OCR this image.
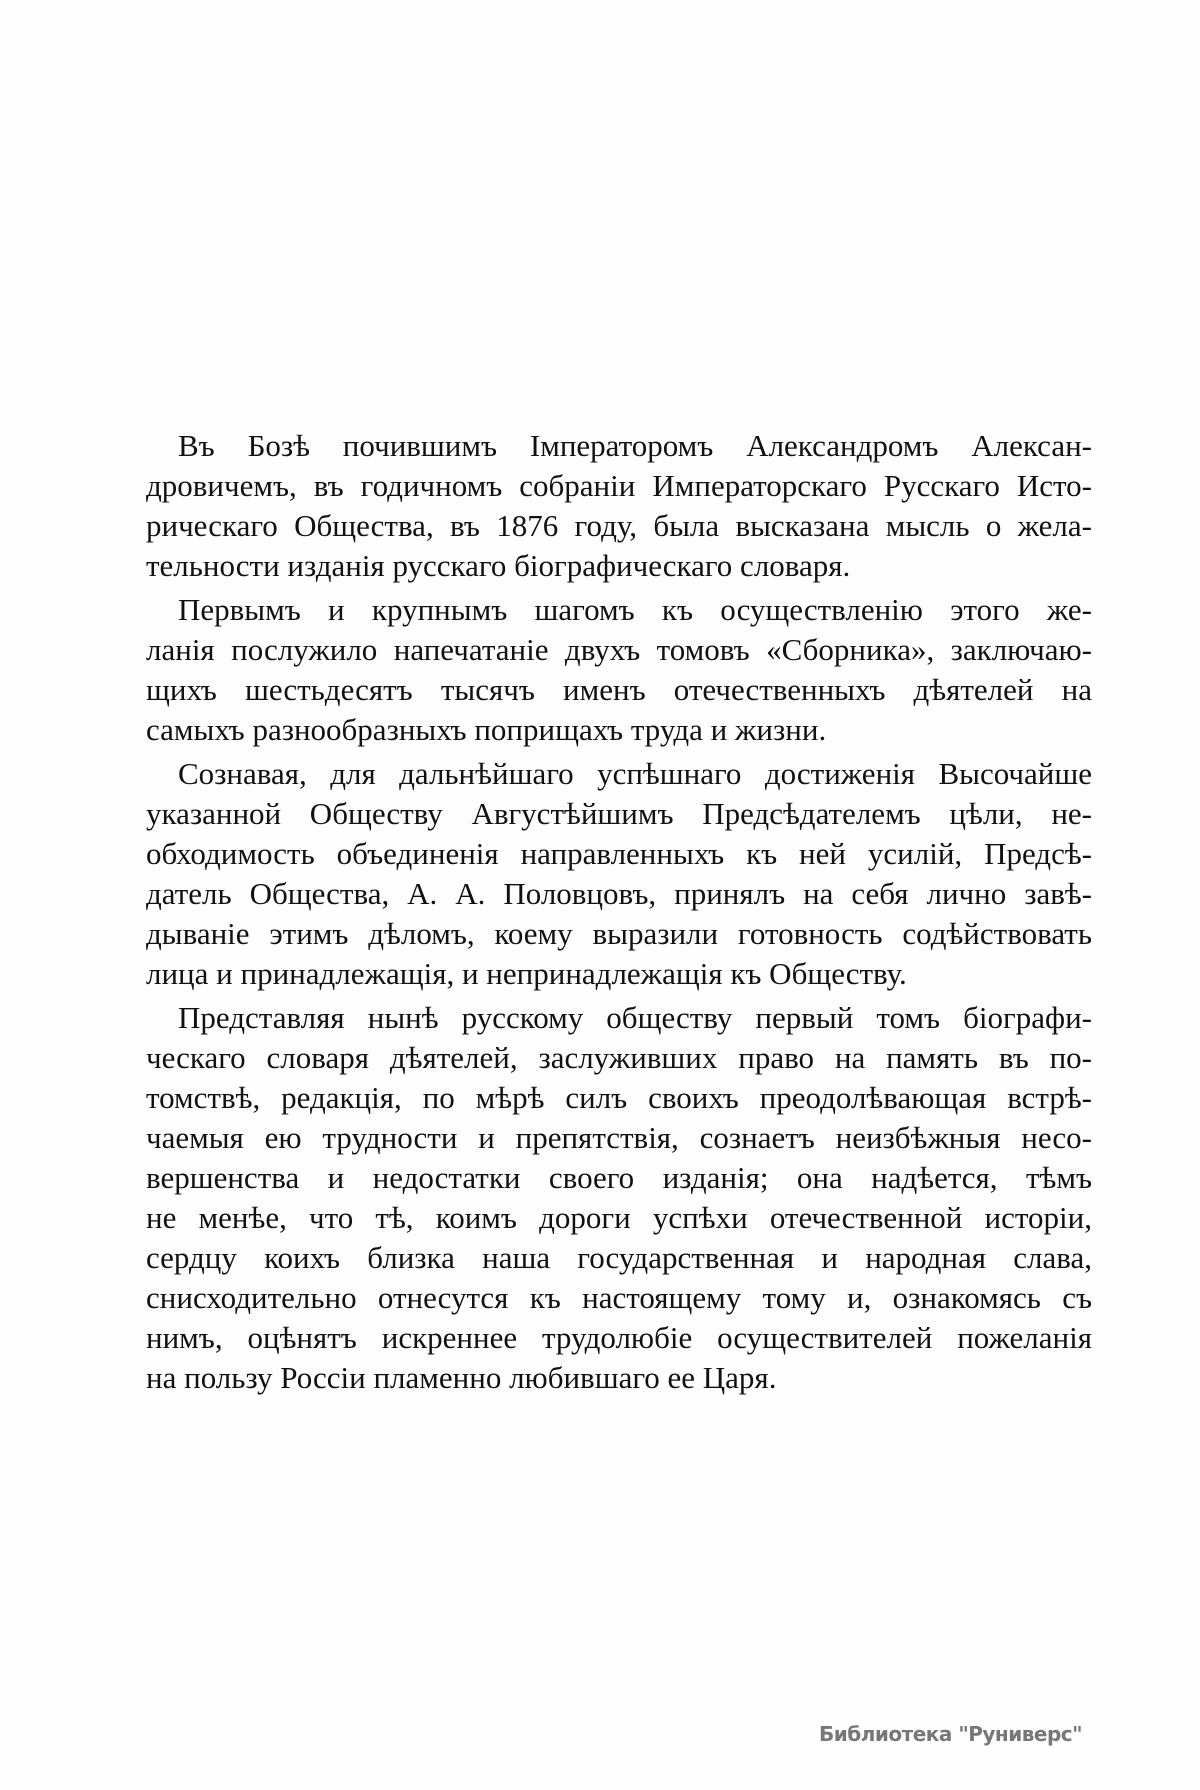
Въ Бозѣ почившимъ Імператоромъ Александромъ Алексан-
дровичемъ, въ годичномъ собраніи Императорскаго Русскаго Исто-
рическаго Общества, въ 1876 году, была высказана мысль о жела-
тельности изданія русскаго біографическаго словаря.
Первымъ и крупнымъ шагомъ къ осуществленію этого же-
ланія послужило напечатаніе двухъ томовъ «Сборника», заключаю-
щихъ шестьдесятъ тысячъ именъ отечественныхъ дѣятелей на
самыхъ разнообразныхъ поприщахъ труда и жизни.
Сознавая, для дальнѣйшаго успѣшнаго достиженія Высочайше
указанной Обществу Августѣйшимъ Предсѣдателемъ цѣли, не-
обходимость объединенія направленныхъ къ ней усилій, Предсѣ-
датель Общества, А. А. Половцовъ, принялъ на себя лично завѣ-
дываніе этимъ дѣломъ, коему выразили готовность содѣйствовать
лица и принадлежащія, и непринадлежащія къ Обществу.
Представляя нынѣ русскому обществу первый томъ біографи-
ческаго словаря дѣятелей, заслуживших право на память въ по-
томствѣ, редакція, по мѣрѣ силъ своихъ преодолѣвающая встрѣ-
чаемыя ею трудности и препятствія, сознаетъ неизбѣжныя несо-
вершенства и недостатки своего изданія; она надѣется, тѣмъ
не менѣе, что тѣ, коимъ дороги успѣхи отечественной исторіи,
сердцу коихъ близка наша государственная и народная слава,
снисходительно отнесутся къ настоящему тому и, ознакомясь съ
нимъ, оцѣнятъ искреннее трудолюбіе осуществителей пожеланія
на пользу Россіи пламенно любившаго ее Царя.
Библиотека "Руниверс"
